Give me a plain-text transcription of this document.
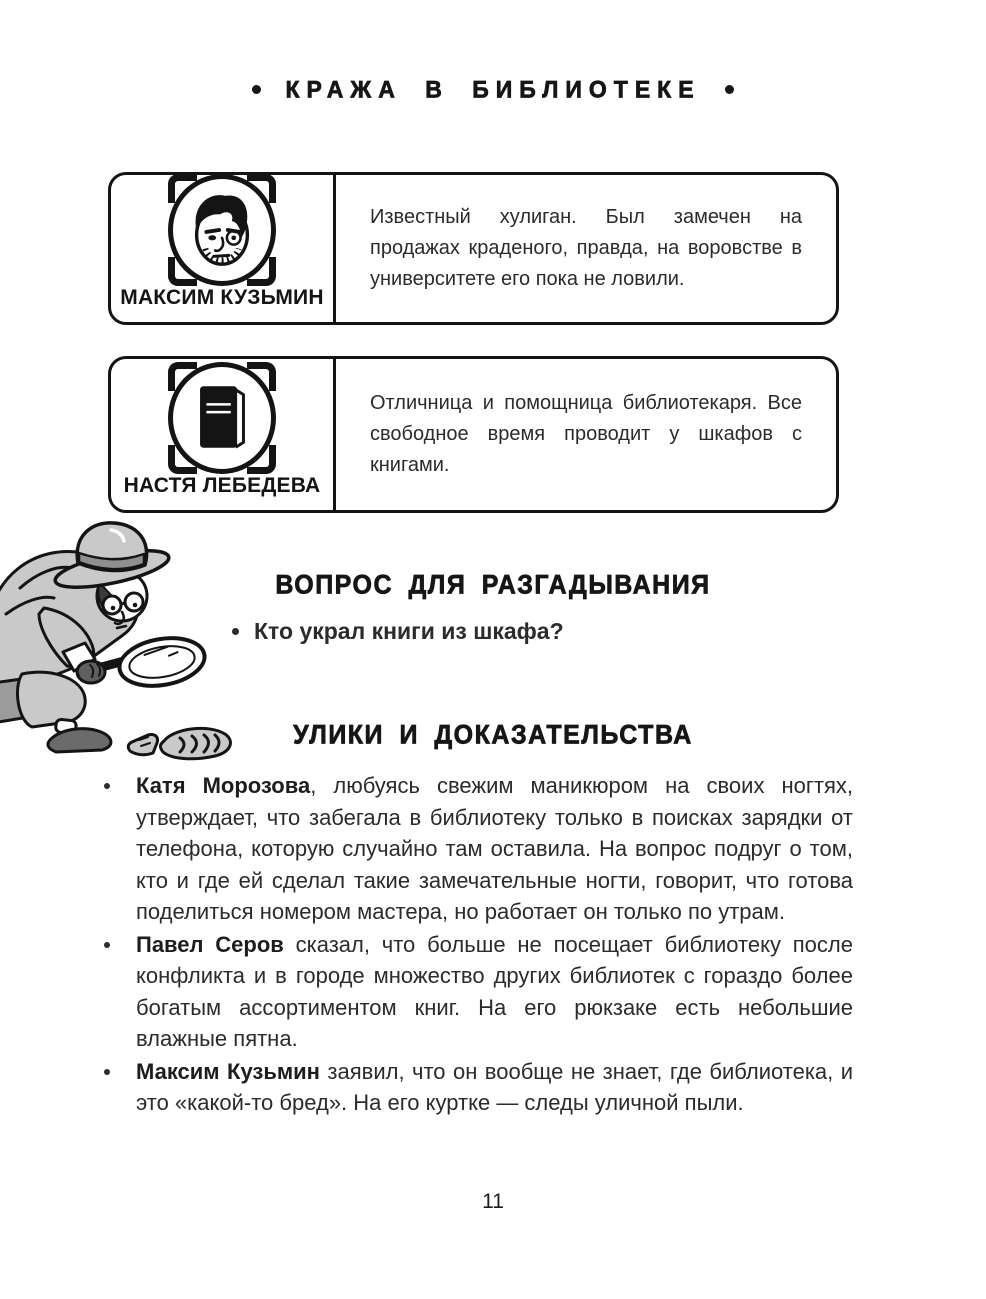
КРАЖА В БИБЛИОТЕКЕ
МАКСИМ КУЗЬМИН

Известный хулиган. Был замечен на продажах краденого, правда, на воровстве в университете его пока не ловили.

НАСТЯ ЛЕБЕДЕВА

Отличница и помощница библиотекаря. Все свободное время проводит у шкафов с книгами.

ВОПРОС ДЛЯ РАЗГАДЫВАНИЯ
Кто украл книги из шкафа?
УЛИКИ И ДОКАЗАТЕЛЬСТВА
Катя Морозова, любуясь свежим маникюром на своих ногтях, утверждает, что забегала в библиотеку только в поисках зарядки от телефона, которую случайно там оставила. На вопрос подруг о том, кто и где ей сделал такие замечательные ногти, говорит, что готова поделиться номером мастера, но работает он только по утрам.
Павел Серов сказал, что больше не посещает библиотеку после конфликта и в городе множество других библиотек с гораздо более богатым ассортиментом книг. На его рюкзаке есть небольшие влажные пятна.
Максим Кузьмин заявил, что он вообще не знает, где библиотека, и это «какой-то бред». На его куртке — следы уличной пыли.
11
